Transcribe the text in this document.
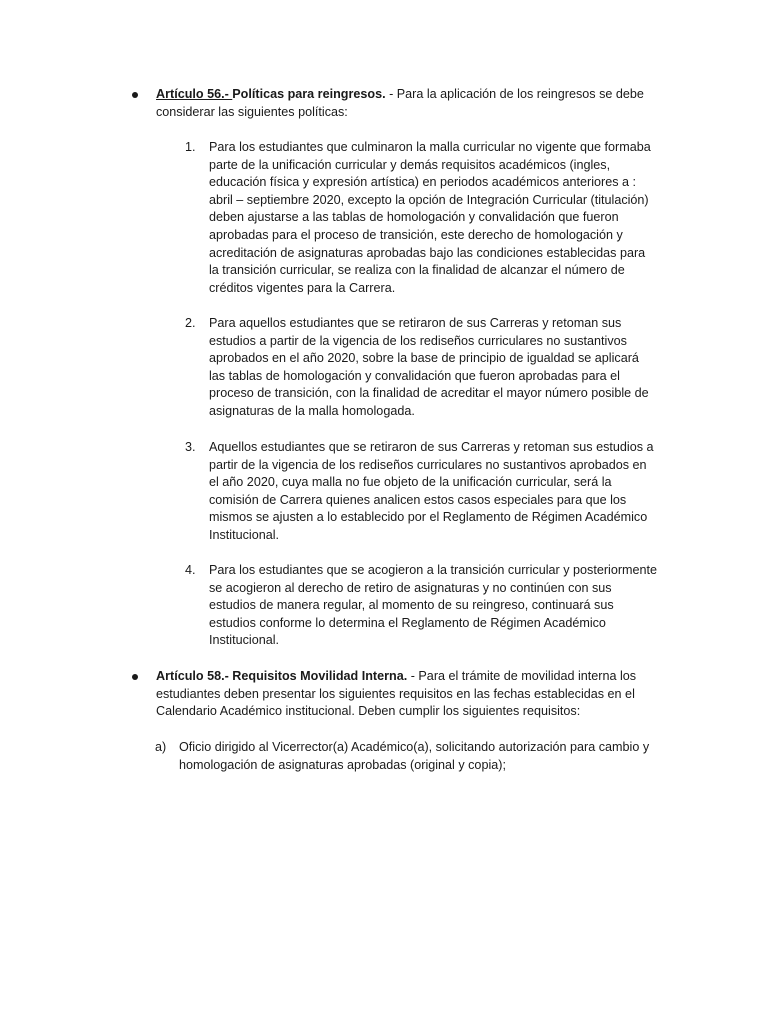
Artículo 56.- Políticas para reingresos. - Para la aplicación de los reingresos se debe considerar las siguientes políticas:

1. Para los estudiantes que culminaron la malla curricular no vigente que formaba parte de la unificación curricular y demás requisitos académicos (ingles, educación física y expresión artística) en periodos académicos anteriores a : abril – septiembre 2020, excepto la opción de Integración Curricular (titulación) deben ajustarse a las tablas de homologación y convalidación que fueron aprobadas para el proceso de transición, este derecho de homologación y acreditación de asignaturas aprobadas bajo las condiciones establecidas para la transición curricular, se realiza con la finalidad de alcanzar el número de créditos vigentes para la Carrera.

2. Para aquellos estudiantes que se retiraron de sus Carreras y retoman sus estudios a partir de la vigencia de los rediseños curriculares no sustantivos aprobados en el año 2020, sobre la base de principio de igualdad se aplicará las tablas de homologación y convalidación que fueron aprobadas para el proceso de transición, con la finalidad de acreditar el mayor número posible de asignaturas de la malla homologada.

3. Aquellos estudiantes que se retiraron de sus Carreras y retoman sus estudios a partir de la vigencia de los rediseños curriculares no sustantivos aprobados en el año 2020, cuya malla no fue objeto de la unificación curricular, será la comisión de Carrera quienes analicen estos casos especiales para que los mismos se ajusten a lo establecido por el Reglamento de Régimen Académico Institucional.

4. Para los estudiantes que se acogieron a la transición curricular y posteriormente se acogieron al derecho de retiro de asignaturas y no continúen con sus estudios de manera regular, al momento de su reingreso, continuará sus estudios conforme lo determina el Reglamento de Régimen Académico Institucional.

Artículo 58.- Requisitos Movilidad Interna. - Para el trámite de movilidad interna los estudiantes deben presentar los siguientes requisitos en las fechas establecidas en el Calendario Académico institucional. Deben cumplir los siguientes requisitos:

a) Oficio dirigido al Vicerrector(a) Académico(a), solicitando autorización para cambio y homologación de asignaturas aprobadas (original y copia);
